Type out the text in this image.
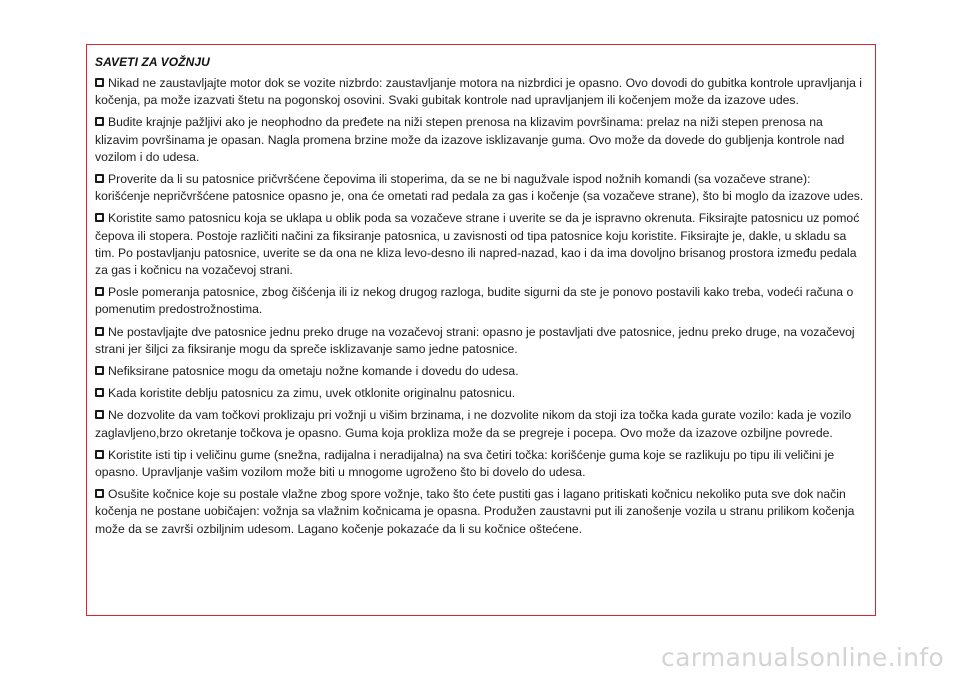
SAVETI ZA VOŽNJU

Nikad ne zaustavljajte motor dok se vozite nizbrdo: zaustavljanje motora na nizbrdici je opasno. Ovo dovodi do gubitka kontrole upravljanja i kočenja, pa može izazvati štetu na pogonskoj osovini. Svaki gubitak kontrole nad upravljanjem ili kočenjem može da izazove udes.

Budite krajnje pažljivi ako je neophodno da pređete na niži stepen prenosa na klizavim površinama: prelaz na niži stepen prenosa na klizavim površinama je opasan. Nagla promena brzine može da izazove isklizavanje guma. Ovo može da dovede do gubljenja kontrole nad vozilom i do udesa.

Proverite da li su patosnice pričvršćene čepovima ili stoperima, da se ne bi nagužvale ispod nožnih komandi (sa vozačeve strane): korišćenje nepričvršćene patosnice opasno je, ona će ometati rad pedala za gas i kočenje (sa vozačeve strane), što bi moglo da izazove udes.

Koristite samo patosnicu koja se uklapa u oblik poda sa vozačeve strane i uverite se da je ispravno okrenuta. Fiksirajte patosnicu uz pomoć čepova ili stopera. Postoje različiti načini za fiksiranje patosnica, u zavisnosti od tipa patosnice koju koristite. Fiksirajte je, dakle, u skladu sa tim. Po postavljanju patosnice, uverite se da ona ne kliza levo-desno ili napred-nazad, kao i da ima dovoljno brisanog prostora između pedala za gas i kočnicu na vozačevoj strani.

Posle pomeranja patosnice, zbog čišćenja ili iz nekog drugog razloga, budite sigurni da ste je ponovo postavili kako treba, vodeći računa o pomenutim predostrožnostima.

Ne postavljajte dve patosnice jednu preko druge na vozačevoj strani: opasno je postavljati dve patosnice, jednu preko druge, na vozačevoj strani jer šiljci za fiksiranje mogu da spreče isklizavanje samo jedne patosnice.

Nefiksirane patosnice mogu da ometaju nožne komande i dovedu do udesa.

Kada koristite deblju patosnicu za zimu, uvek otklonite originalnu patosnicu.

Ne dozvolite da vam točkovi proklizaju pri vožnji u višim brzinama, i ne dozvolite nikom da stoji iza točka kada gurate vozilo: kada je vozilo zaglavljeno,brzo okretanje točkova je opasno. Guma koja proklizа može da se pregreje i pocepa. Ovo može da izazove ozbiljne povrede.

Koristite isti tip i veličinu gume (snežna, radijalna i neradijalna) na sva četiri točka: korišćenje guma koje se razlikuju po tipu ili veličini je opasno. Upravljanje vašim vozilom može biti u mnogome ugroženo što bi dovelo do udesa.

Osušite kočnice koje su postale vlažne zbog spore vožnje, tako što ćete pustiti gas i lagano pritiskati kočnicu nekoliko puta sve dok način kočenja ne postane uobičajen: vožnja sa vlažnim kočnicama je opasna. Produžen zaustavni put ili zanošenje vozila u stranu prilikom kočenja može da se završi ozbiljnim udesom. Lagano kočenje pokazaće da li su kočnice oštećene.

carmanualsonline.info
